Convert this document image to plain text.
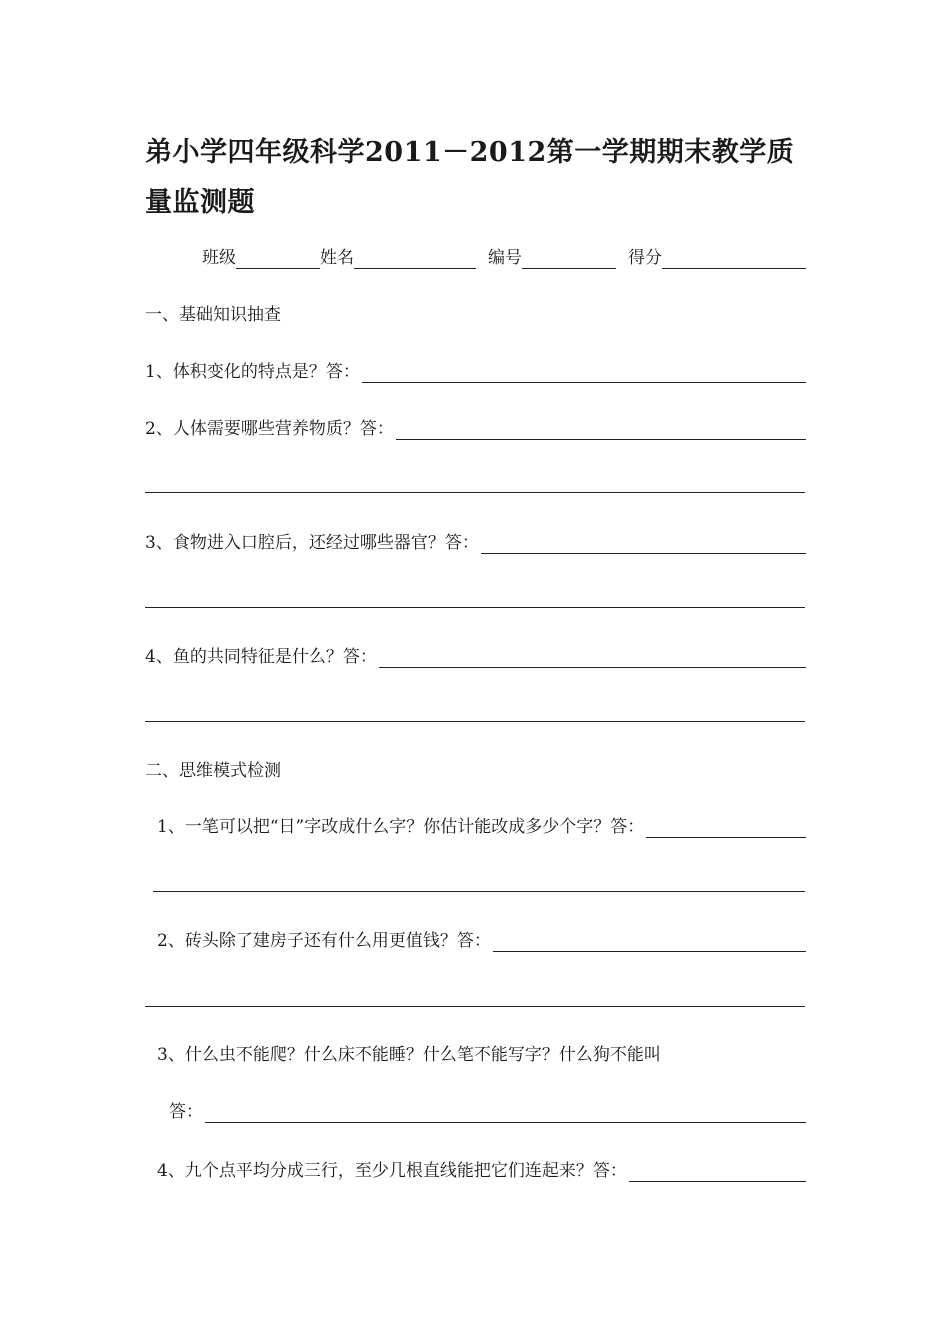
弟小学四年级科学2011－2012第一学期期末教学质量监测题
班级	姓名	编号	得分
一、基础知识抽查
1、体积变化的特点是？答：
2、人体需要哪些营养物质？答：
3、食物进入口腔后，还经过哪些器官？答：
4、鱼的共同特征是什么？答：
二、思维模式检测
1、一笔可以把“日”字改成什么字？你估计能改成多少个字？答：
2、砖头除了建房子还有什么用更值钱？答：
3、什么虫不能爬？什么床不能睡？什么笔不能写字？什么狗不能叫
答：
4、九个点平均分成三行，至少几根直线能把它们连起来？答：
